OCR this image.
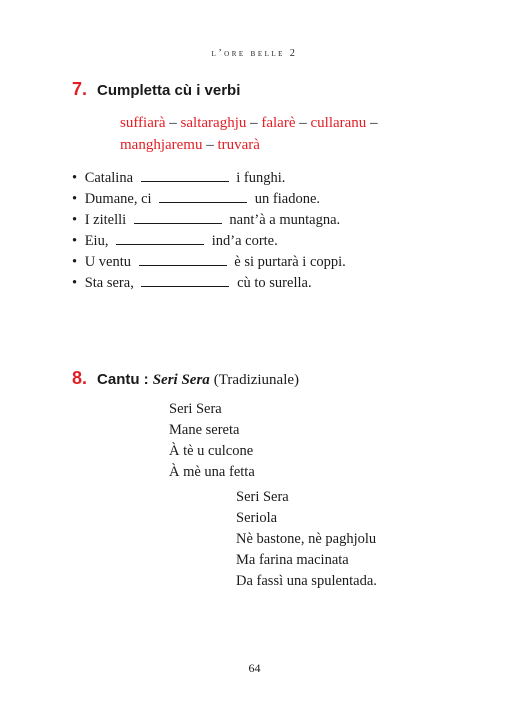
l’ore belle 2
7. Cumpletta cù i verbi
suffiarà – saltaraghju – falarè – cullaranu –
manghjaremu – truvarà
• Catalina	i funghi.
• Dumane, ci	un fiadone.
• I zitelli	nant’à a muntagna.
• Eiu,	ind’a corte.
• U ventu	è si purtarà i coppi.
• Sta sera,	cù to surella.
8. Cantu : Seri Sera (Tradiziunale)
Seri Sera
Mane sereta
À tè u culcone
À mè una fetta
Seri Sera
Seriola
Nè bastone, nè paghjolu
Ma farina macinata
Da fassì una spulentada.
64
